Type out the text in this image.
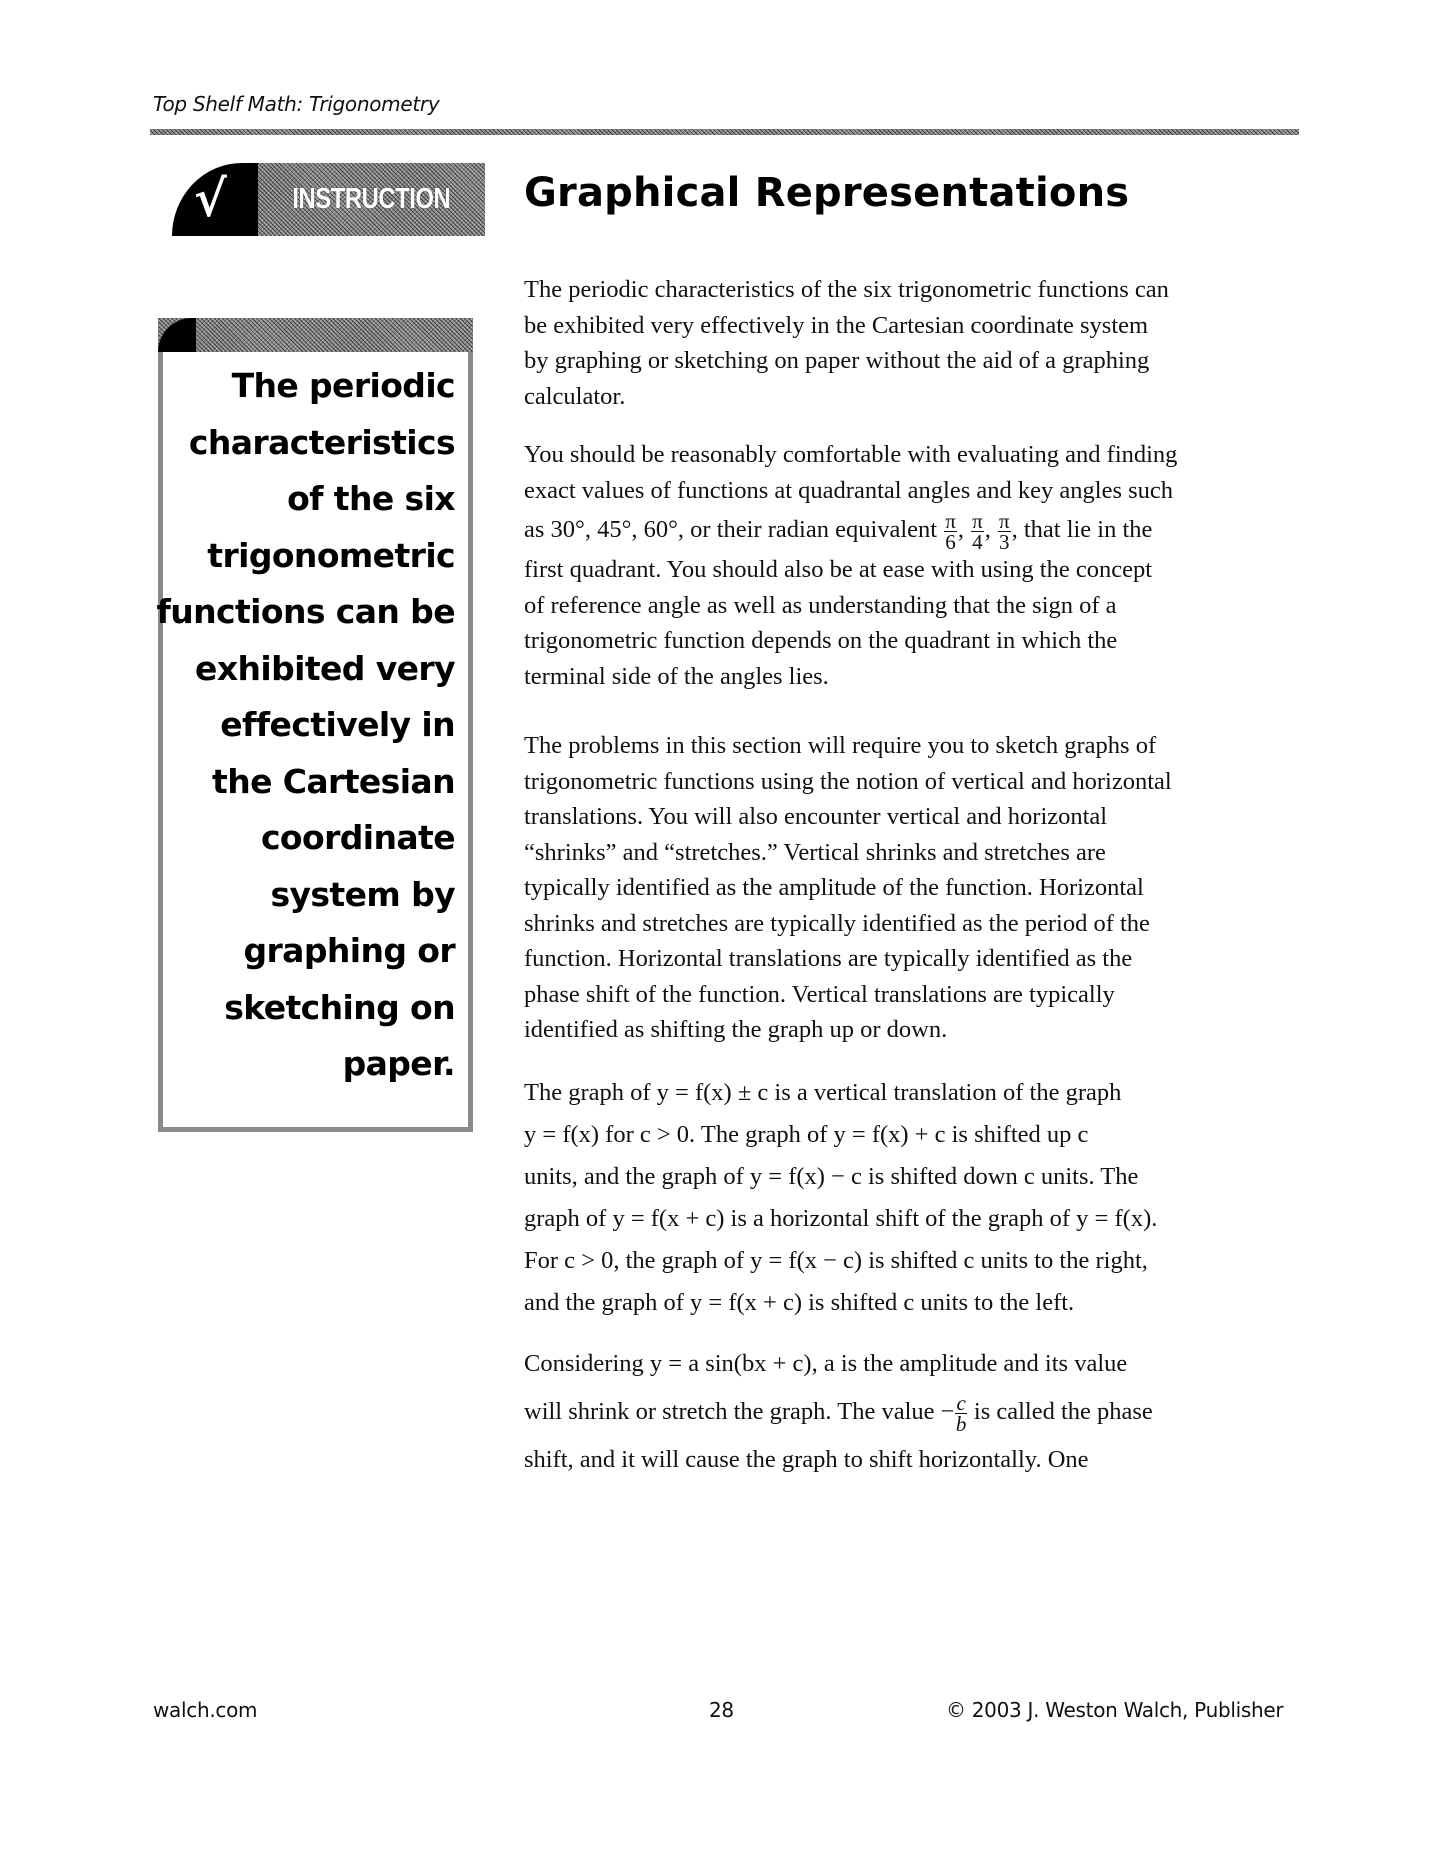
Top Shelf Math: Trigonometry
√ INSTRUCTION Graphical Representations
The periodic
characteristics
of the six
trigonometric
functions can be
exhibited very
effectively in
the Cartesian
coordinate
system by
graphing or
sketching on
paper.
The periodic characteristics of the six trigonometric functions can
be exhibited very effectively in the Cartesian coordinate system
by graphing or sketching on paper without the aid of a graphing
calculator.
You should be reasonably comfortable with evaluating and finding
exact values of functions at quadrantal angles and key angles such
as 30°, 45°, 60°, or their radian equivalent $\frac{\pi}{6}$ , $\frac{\pi}{4}$ , $\frac{\pi}{3}$ , that lie in the
first quadrant. You should also be at ease with using the concept
of reference angle as well as understanding that the sign of a
trigonometric function depends on the quadrant in which the
terminal side of the angles lies.
The problems in this section will require you to sketch graphs of
trigonometric functions using the notion of vertical and horizontal
translations. You will also encounter vertical and horizontal
“shrinks” and “stretches.” Vertical shrinks and stretches are
typically identified as the amplitude of the function. Horizontal
shrinks and stretches are typically identified as the period of the
function. Horizontal translations are typically identified as the
phase shift of the function. Vertical translations are typically
identified as shifting the graph up or down.
The graph of y = f(x) ± c is a vertical translation of the graph
y = f(x) for c > 0. The graph of y = f(x) + c is shifted up c
units, and the graph of y = f(x) − c is shifted down c units. The
graph of y = f(x + c) is a horizontal shift of the graph of y = f(x).
For c > 0, the graph of y = f(x − c) is shifted c units to the right,
and the graph of y = f(x + c) is shifted c units to the left.
Considering y = a sin(bx + c), a is the amplitude and its value
will shrink or stretch the graph. The value − $\frac{c}{b}$ is called the phase
shift, and it will cause the graph to shift horizontally. One
walch.com	28	© 2003 J. Weston Walch, Publisher
